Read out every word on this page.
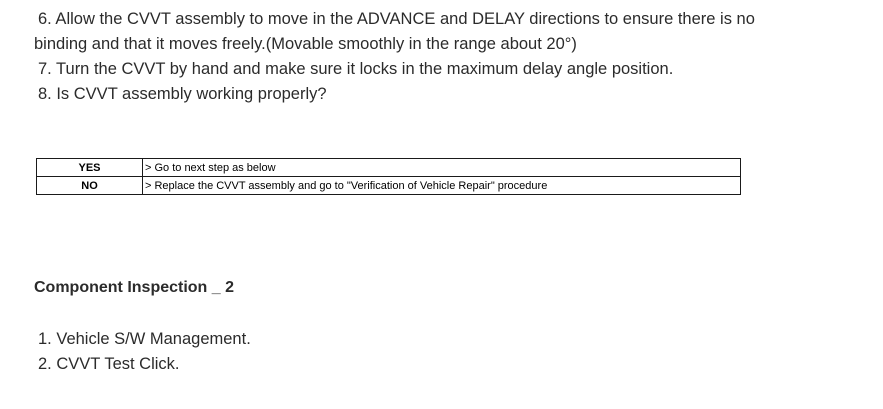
6. Allow the CVVT assembly to move in the ADVANCE and DELAY directions to ensure there is no
binding and that it moves freely.(Movable smoothly in the range about 20°)
7. Turn the CVVT by hand and make sure it locks in the maximum delay angle position.
8. Is CVVT assembly working properly?
YES	> Go to next step as below
NO	> Replace the CVVT assembly and go to "Verification of Vehicle Repair" procedure
Component Inspection _ 2
1. Vehicle S/W Management.
2. CVVT Test Click.
